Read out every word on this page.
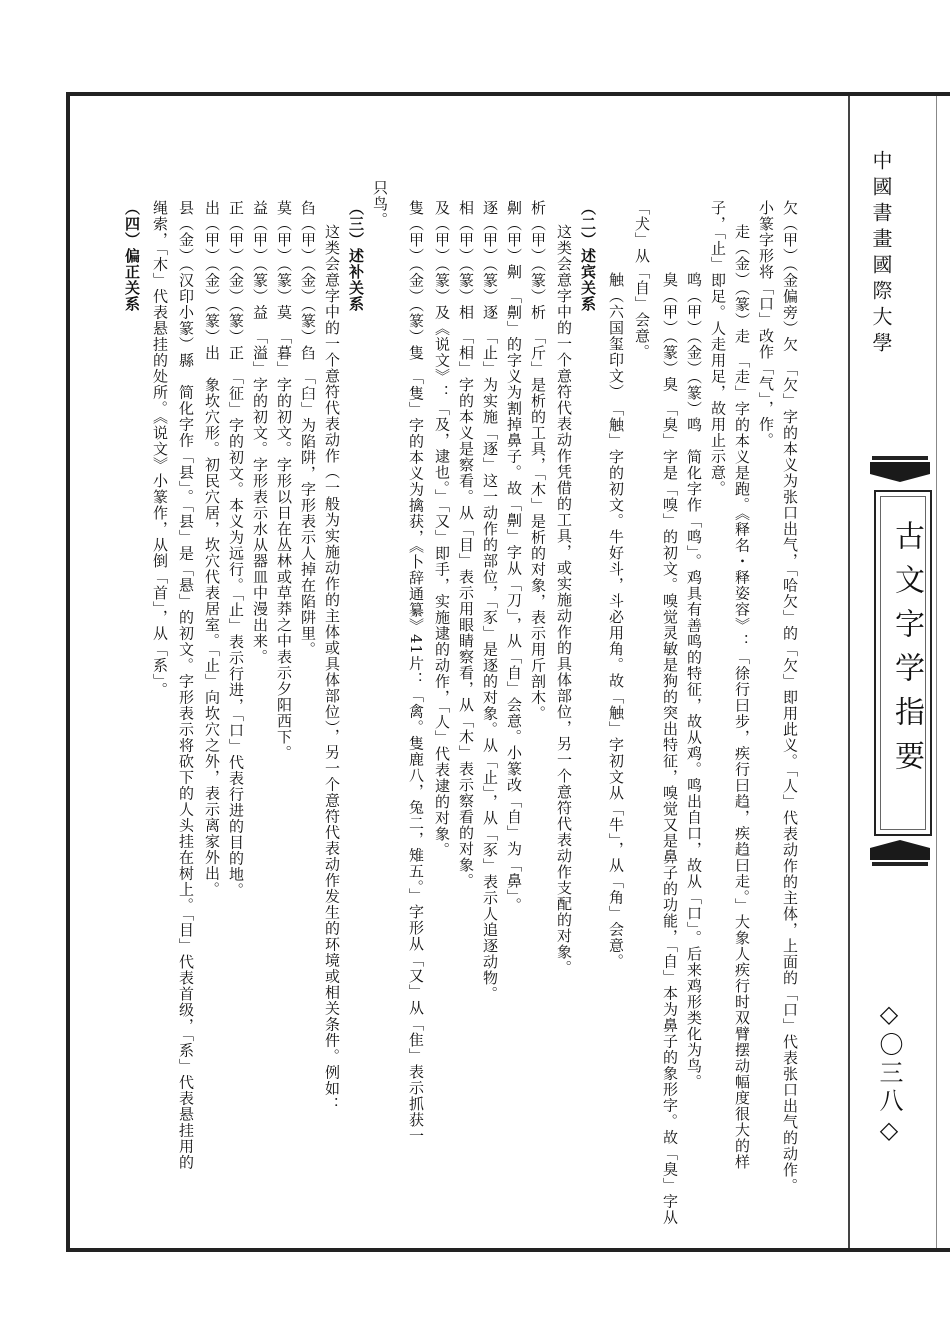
中國書畫國際大學
古文字学指要
◇〇三八◇
欠（甲）（金偏旁）欠　「欠」字的本义为张口出气，「哈欠」的「欠」即用此义。「人」代表动作的主体，上面的「口」代表张口出气的动作。
小篆字形将「口」改作「气」，作。
走（金）（篆）走　「走」字的本义是跑。《释名・释姿容》：「徐行曰步，疾行曰趋，疾趋曰走。」大象人疾行时双臂摆动幅度很大的样
子，「止」即足。人走用足，故用止示意。
鸣（甲）（金）（篆）鸣　简化字作「鸣」。鸡具有善鸣的特征，故从鸡。鸣出自口，故从「口」。后来鸡形类化为鸟。
臭（甲）（篆）臭　「臭」字是「嗅」的初文。嗅觉灵敏是狗的突出特征，嗅觉又是鼻子的功能，「自」本为鼻子的象形字。故「臭」字从
「犬」从「自」会意。
触（六国玺印文）　「触」字的初文。牛好斗，斗必用角。故「触」字初文从「牛」，从「角」会意。
（二）述宾关系
这类会意字中的一个意符代表动作凭借的工具，或实施动作的具体部位，另一个意符代表动作支配的对象。
析（甲）（篆）析　「斤」是析的工具，「木」是析的对象，表示用斤剖木。
劓（甲）劓　「劓」的字义为割掉鼻子。故「劓」字从「刀」，从「自」会意。小篆改「自」为「鼻」。
逐（甲）（篆）逐　「止」为实施「逐」这一动作的部位，「豕」是逐的对象。从「止」，从「豕」表示人追逐动物。
相（甲）（篆）相　「相」字的本义是察看。从「目」表示用眼睛察看，从「木」表示察看的对象。
及（甲）（篆）及《说文》：「及，逮也。」「又」即手，实施逮的动作，「人」代表逮的对象。
隻（甲）（金）（篆）隻　「隻」字的本义为擒获，《卜辞通纂》41片：「禽。隻鹿八，兔二，雉五。」字形从「又」从「隹」表示抓获一
只鸟。
（三）述补关系
这类会意字中的一个意符代表动作（一般为实施动作的主体或具体部位），另一个意符代表动作发生的环境或相关条件。例如：
臽（甲）（金）（篆）臽　「臼」为陷阱，字形表示人掉在陷阱里。
莫（甲）（篆）莫　「暮」字的初文。字形以日在丛林或草莽之中表示夕阳西下。
益（甲）（篆）益　「溢」字的初文。字形表示水从器皿中漫出来。
正（甲）（金）（篆）正　「征」字的初文。本义为远行。「止」表示行进，「口」代表行进的目的地。
出（甲）（金）（篆）出　象坎穴形。初民穴居，坎穴代表居室。「止」向坎穴之外，表示离家外出。
县（金）（汉印小篆）縣　简化字作「县」。「县」是「悬」的初文。字形表示将砍下的人头挂在树上。「目」代表首级，「系」代表悬挂用的
绳索，「木」代表悬挂的处所。《说文》小篆作，从倒「首」，从「系」。
（四）偏正关系
